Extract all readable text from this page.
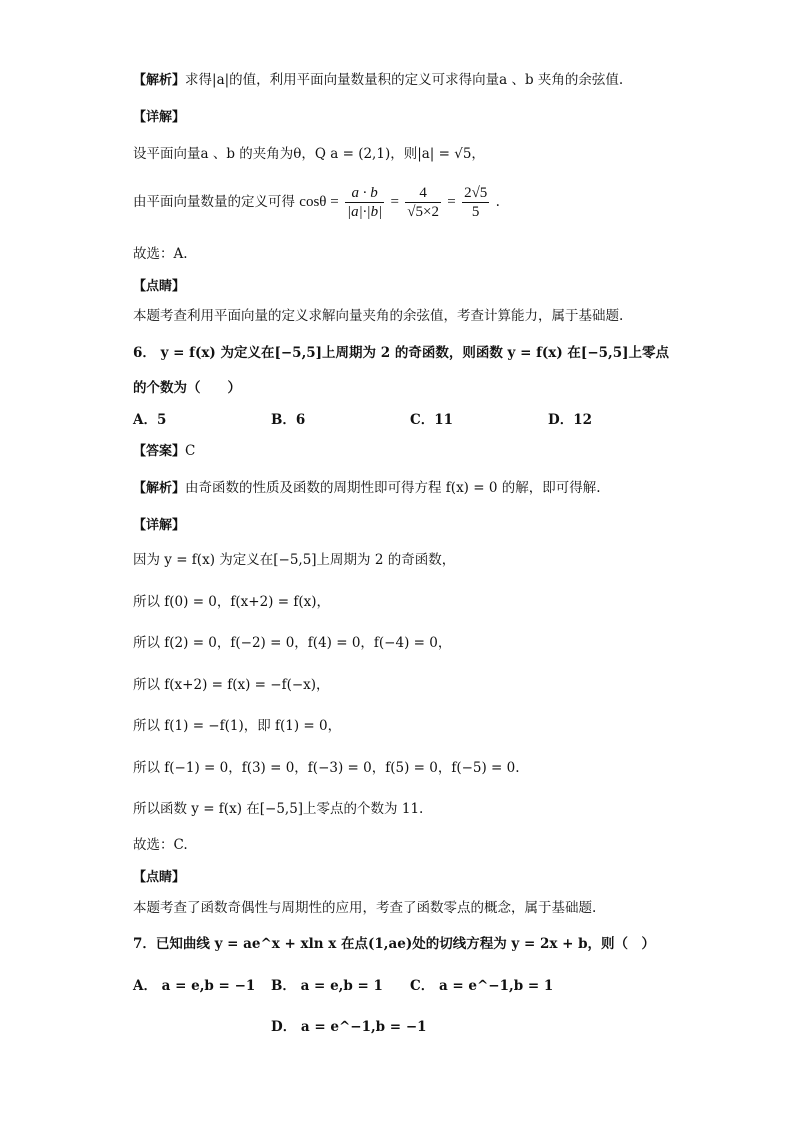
【解析】求得|a|的值，利用平面向量数量积的定义可求得向量a 、b 夹角的余弦值.
【详解】
设平面向量a 、b 的夹角为θ，Q a = (2,1)，则|a| = √5，
由平面向量数量的定义可得 $\cos\theta = \frac{a \cdot b}{|a|\cdot|b|} = \frac{4}{√5\times 2} = \frac{2√5}{5}$ .
故选：A.
【点睛】
本题考查利用平面向量的定义求解向量夹角的余弦值，考查计算能力，属于基础题.
6． y = f(x) 为定义在[−5,5]上周期为 2 的奇函数，则函数 y = f(x) 在[−5,5]上零点
的个数为（　　）
A．5	B．6	C．11	D．12
【答案】C
【解析】由奇函数的性质及函数的周期性即可得方程 f(x) = 0 的解，即可得解.
【详解】
因为 y = f(x) 为定义在[−5,5]上周期为 2 的奇函数，
所以 f(0) = 0，f(x+2) = f(x)，
所以 f(2) = 0，f(−2) = 0，f(4) = 0，f(−4) = 0，
所以 f(x+2) = f(x) = −f(−x)，
所以 f(1) = −f(1)，即 f(1) = 0，
所以 f(−1) = 0，f(3) = 0，f(−3) = 0，f(5) = 0，f(−5) = 0.
所以函数 y = f(x) 在[−5,5]上零点的个数为 11.
故选：C.
【点睛】
本题考查了函数奇偶性与周期性的应用，考查了函数零点的概念，属于基础题.
7．已知曲线 y = ae^x + xln x 在点(1,ae)处的切线方程为 y = 2x + b，则（　）
A． a = e,b = −1 B． a = e,b = 1 C． a = e^−1,b = 1
D． a = e^−1,b = −1
